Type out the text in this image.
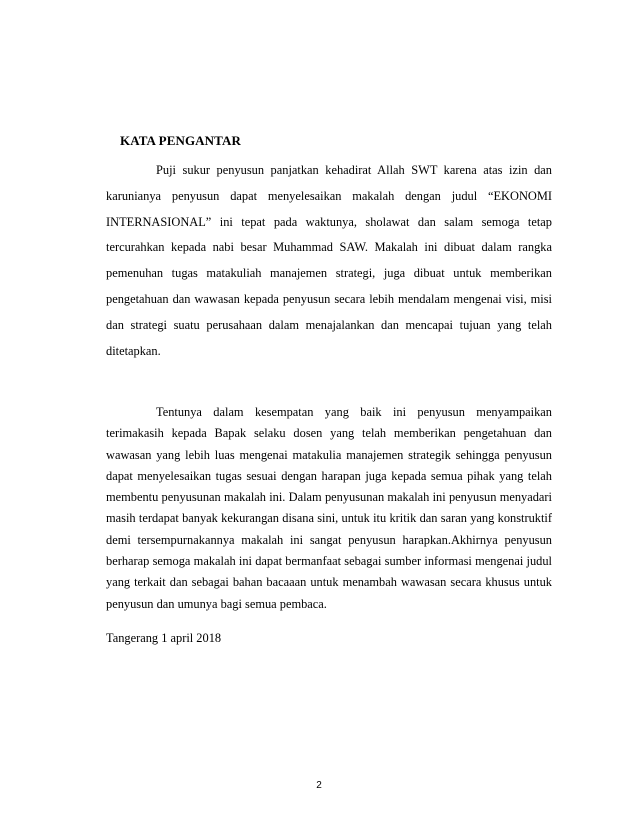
KATA PENGANTAR

Puji sukur penyusun panjatkan kehadirat Allah SWT karena atas izin dan karunianya penyusun dapat menyelesaikan makalah dengan judul “EKONOMI INTERNASIONAL” ini tepat pada waktunya, sholawat dan salam semoga tetap tercurahkan kepada nabi besar Muhammad SAW. Makalah ini dibuat dalam rangka pemenuhan tugas matakuliah manajemen strategi, juga dibuat untuk memberikan pengetahuan dan wawasan kepada penyusun secara lebih mendalam mengenai visi, misi dan strategi suatu perusahaan dalam menajalankan dan mencapai tujuan yang telah ditetapkan.

Tentunya dalam kesempatan yang baik ini penyusun menyampaikan terimakasih kepada Bapak selaku dosen yang telah memberikan pengetahuan dan wawasan yang lebih luas mengenai matakulia manajemen strategik sehingga penyusun dapat menyelesaikan tugas sesuai dengan harapan juga kepada semua pihak yang telah membentu penyusunan makalah ini. Dalam penyusunan makalah ini penyusun menyadari masih terdapat banyak kekurangan disana sini, untuk itu kritik dan saran yang konstruktif demi tersempurnakannya makalah ini sangat penyusun harapkan.Akhirnya penyusun berharap semoga makalah ini dapat bermanfaat sebagai sumber informasi mengenai judul yang terkait dan sebagai bahan bacaaan untuk menambah wawasan secara khusus untuk penyusun dan umunya bagi semua pembaca.

Tangerang 1 april 2018

2
